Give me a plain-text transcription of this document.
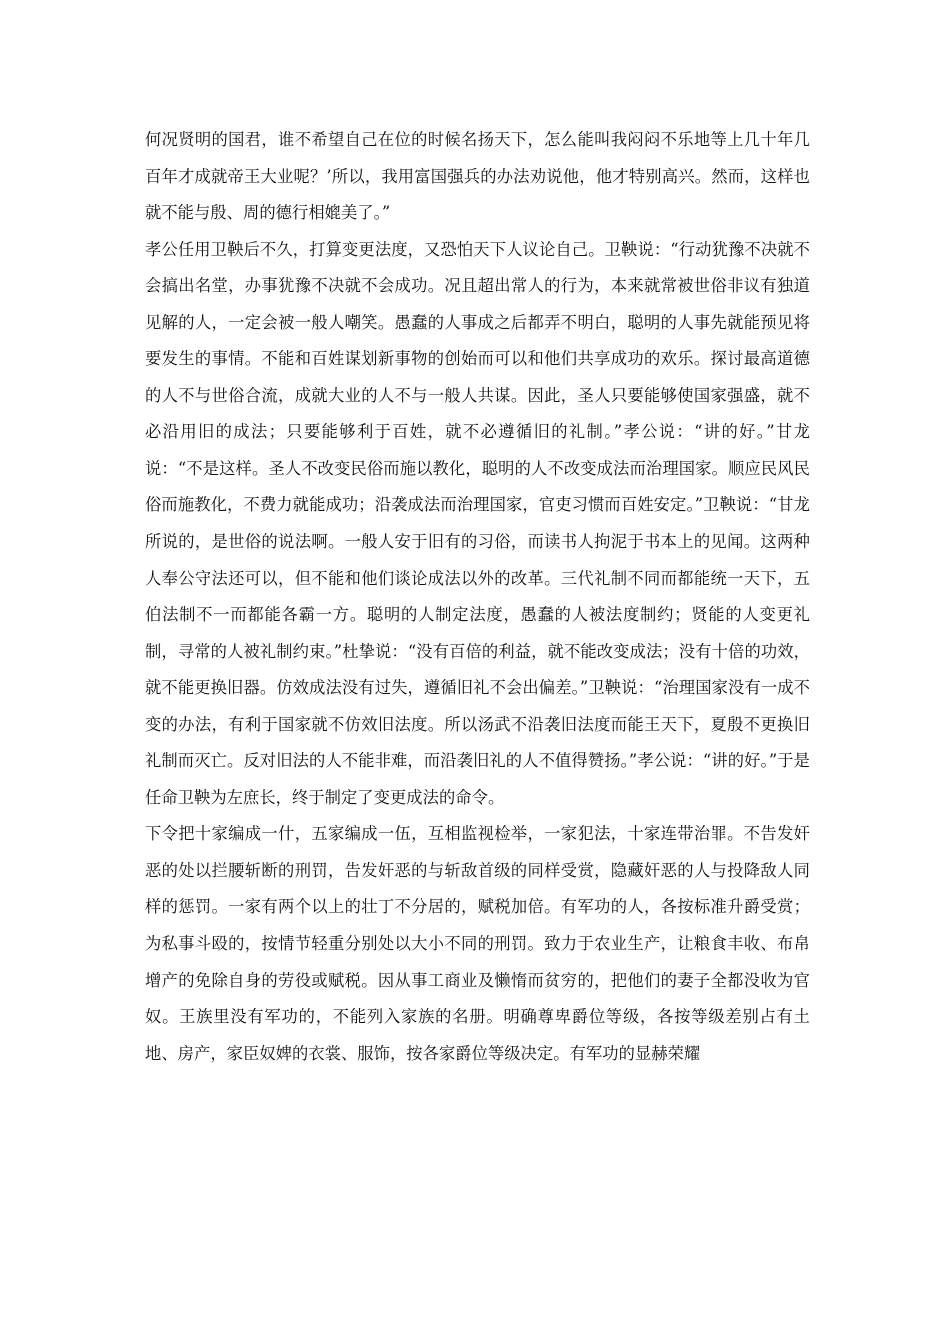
何况贤明的国君，谁不希望自己在位的时候名扬天下，怎么能叫我闷闷不乐地等上几十年几百年才成就帝王大业呢？’所以，我用富国强兵的办法劝说他，他才特别高兴。然而，这样也就不能与殷、周的德行相媲美了。”

孝公任用卫鞅后不久，打算变更法度，又恐怕天下人议论自己。卫鞅说：“行动犹豫不决就不会搞出名堂，办事犹豫不决就不会成功。况且超出常人的行为，本来就常被世俗非议有独道见解的人，一定会被一般人嘲笑。愚蠢的人事成之后都弄不明白，聪明的人事先就能预见将要发生的事情。不能和百姓谋划新事物的创始而可以和他们共享成功的欢乐。探讨最高道德的人不与世俗合流，成就大业的人不与一般人共谋。因此，圣人只要能够使国家强盛，就不必沿用旧的成法；只要能够利于百姓，就不必遵循旧的礼制。”孝公说：“讲的好。”甘龙说：“不是这样。圣人不改变民俗而施以教化，聪明的人不改变成法而治理国家。顺应民风民俗而施教化，不费力就能成功；沿袭成法而治理国家，官吏习惯而百姓安定。”卫鞅说：“甘龙所说的，是世俗的说法啊。一般人安于旧有的习俗，而读书人拘泥于书本上的见闻。这两种人奉公守法还可以，但不能和他们谈论成法以外的改革。三代礼制不同而都能统一天下，五伯法制不一而都能各霸一方。聪明的人制定法度，愚蠢的人被法度制约；贤能的人变更礼制，寻常的人被礼制约束。”杜挚说：“没有百倍的利益，就不能改变成法；没有十倍的功效，就不能更换旧器。仿效成法没有过失，遵循旧礼不会出偏差。”卫鞅说：“治理国家没有一成不变的办法，有利于国家就不仿效旧法度。所以汤武不沿袭旧法度而能王天下，夏殷不更换旧礼制而灭亡。反对旧法的人不能非难，而沿袭旧礼的人不值得赞扬。”孝公说：“讲的好。”于是任命卫鞅为左庶长，终于制定了变更成法的命令。

下令把十家编成一什，五家编成一伍，互相监视检举，一家犯法，十家连带治罪。不告发奸恶的处以拦腰斩断的刑罚，告发奸恶的与斩敌首级的同样受赏，隐藏奸恶的人与投降敌人同样的惩罚。一家有两个以上的壮丁不分居的，赋税加倍。有军功的人，各按标准升爵受赏；为私事斗殴的，按情节轻重分别处以大小不同的刑罚。致力于农业生产，让粮食丰收、布帛增产的免除自身的劳役或赋税。因从事工商业及懒惰而贫穷的，把他们的妻子全都没收为官奴。王族里没有军功的，不能列入家族的名册。明确尊卑爵位等级，各按等级差别占有土地、房产，家臣奴婢的衣裳、服饰，按各家爵位等级决定。有军功的显赫荣耀
